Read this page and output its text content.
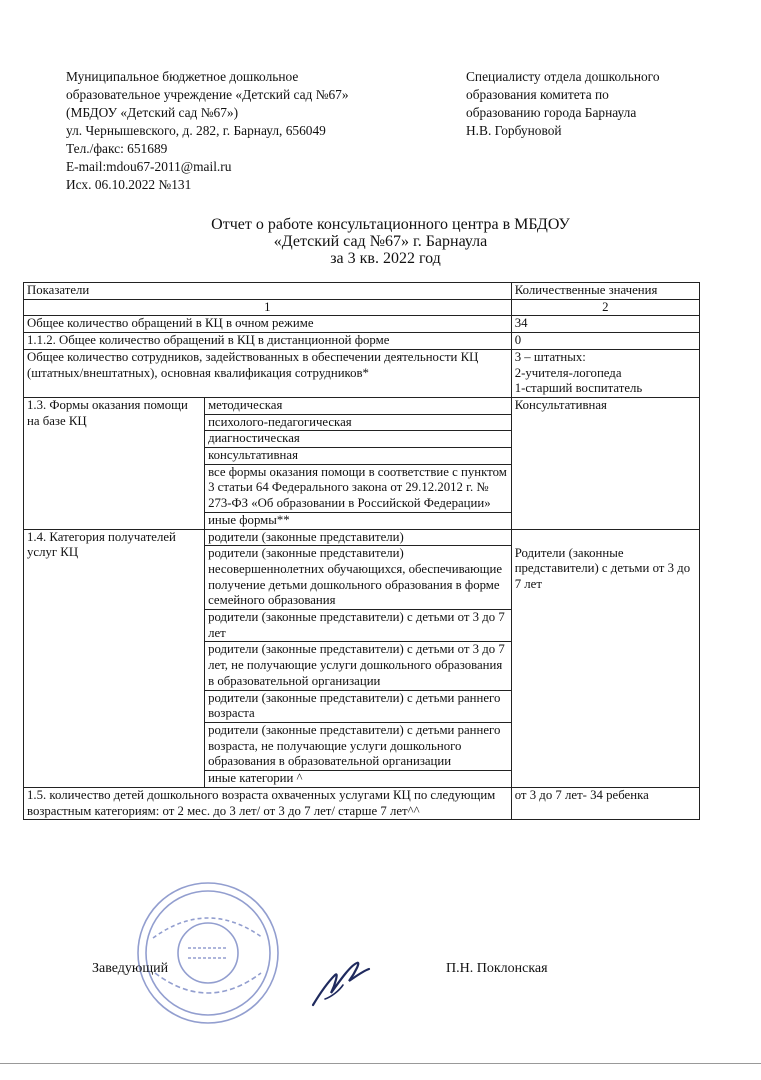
Муниципальное бюджетное дошкольное
образовательное учреждение «Детский сад №67»
(МБДОУ «Детский сад №67»)
ул. Чернышевского, д. 282, г. Барнаул, 656049
Тел./факс: 651689
E-mail:mdou67-2011@mail.ru
Исх. 06.10.2022 №131
Специалисту отдела дошкольного
образования комитета по
образованию города Барнаула
Н.В. Горбуновой
Отчет о работе консультационного центра в МБДОУ
«Детский сад №67» г. Барнаула
за 3 кв. 2022 год
Показатели		Количественные значения
1		2
Общее количество обращений в КЦ в очном режиме		34
1.1.2. Общее количество обращений в КЦ в дистанционной форме		0
Общее количество сотрудников, задействованных в обеспечении деятельности КЦ (штатных/внештатных), основная квалификация сотрудников*		3 – штатных:
2-учителя-логопеда
1-старший воспитатель

1.3. Формы оказания помощи на базе КЦ	методическая	Консультативная
	психолого-педагогическая	
	диагностическая	
	консультативная	
	все формы оказания помощи в соответствие с пунктом 3 статьи 64 Федерального закона от 29.12.2012 г. № 273-ФЗ «Об образовании в Российской Федерации»	
	иные формы**	
1.4. Категория получателей услуг КЦ	родители (законные представители)	Родители (законные представители) с детьми от 3 до 7 лет

	родители (законные представители) несовершеннолетних обучающихся, обеспечивающие получение детьми дошкольного образования в форме семейного образования	
	родители (законные представители) с детьми от 3 до 7 лет	
	родители (законные представители) с детьми от 3 до 7 лет, не получающие услуги дошкольного образования в образовательной организации	
	родители (законные представители) с детьми раннего возраста	
	родители (законные представители) с детьми раннего возраста, не получающие услуги дошкольного образования в образовательной организации	
	иные категории ^	
1.5. количество детей дошкольного возраста охваченных услугами КЦ по следующим возрастным категориям: от 2 мес. до 3 лет/ от 3 до 7 лет/ старше 7 лет^^		от 3 до 7 лет- 34 ребенка
Заведующий	П.Н. Поклонская
